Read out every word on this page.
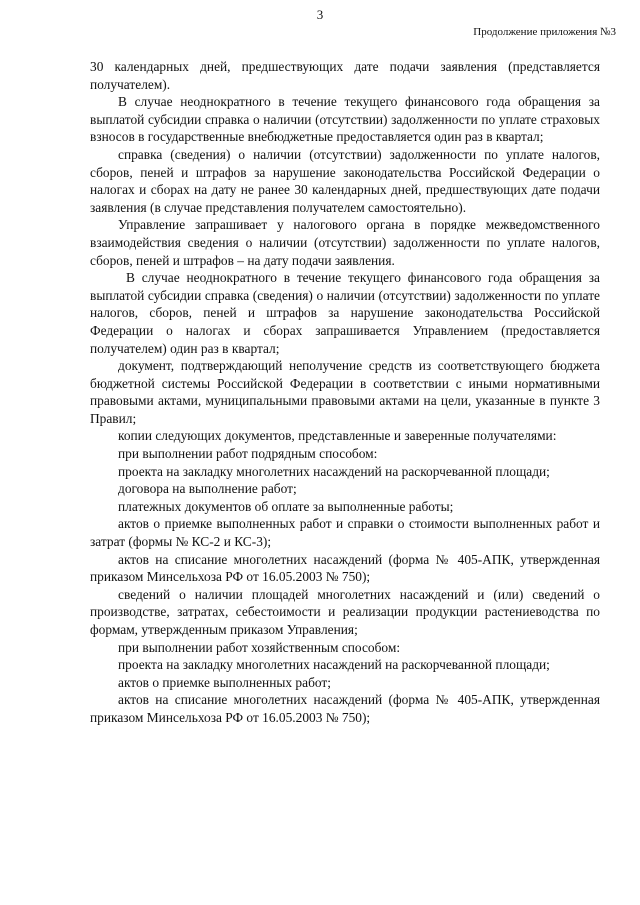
3
Продолжение приложения №3

30 календарных дней, предшествующих дате подачи заявления (представляется получателем).

В случае неоднократного в течение текущего финансового года обращения за выплатой субсидии справка о наличии (отсутствии) задолженности по уплате страховых взносов в государственные внебюджетные предоставляется один раз в квартал;

справка (сведения) о наличии (отсутствии) задолженности по уплате налогов, сборов, пеней и штрафов за нарушение законодательства Российской Федерации о налогах и сборах на дату не ранее 30 календарных дней, предшествующих дате подачи заявления (в случае представления получателем самостоятельно).

Управление запрашивает у налогового органа в порядке межведомственного взаимодействия сведения о наличии (отсутствии) задолженности по уплате налогов, сборов, пеней и штрафов – на дату подачи заявления.

В случае неоднократного в течение текущего финансового года обращения за выплатой субсидии справка (сведения) о наличии (отсутствии) задолженности по уплате налогов, сборов, пеней и штрафов за нарушение законодательства Российской Федерации о налогах и сборах запрашивается Управлением (предоставляется получателем) один раз в квартал;

документ, подтверждающий неполучение средств из соответствующего бюджета бюджетной системы Российской Федерации в соответствии с иными нормативными правовыми актами, муниципальными правовыми актами на цели, указанные в пункте 3 Правил;

копии следующих документов, представленные и заверенные получателями:

при выполнении работ подрядным способом:

проекта на закладку многолетних насаждений на раскорчеванной площади;

договора на выполнение работ;

платежных документов об оплате за выполненные работы;

актов о приемке выполненных работ и справки о стоимости выполненных работ и затрат (формы № КС-2 и КС-3);

актов на списание многолетних насаждений (форма № 405-АПК, утвержденная приказом Минсельхоза РФ от 16.05.2003 № 750);

сведений о наличии площадей многолетних насаждений и (или) сведений о производстве, затратах, себестоимости и реализации продукции растениеводства по формам, утвержденным приказом Управления;

при выполнении работ хозяйственным способом:

проекта на закладку многолетних насаждений на раскорчеванной площади;

актов о приемке выполненных работ;

актов на списание многолетних насаждений (форма № 405-АПК, утвержденная приказом Минсельхоза РФ от 16.05.2003 № 750);
